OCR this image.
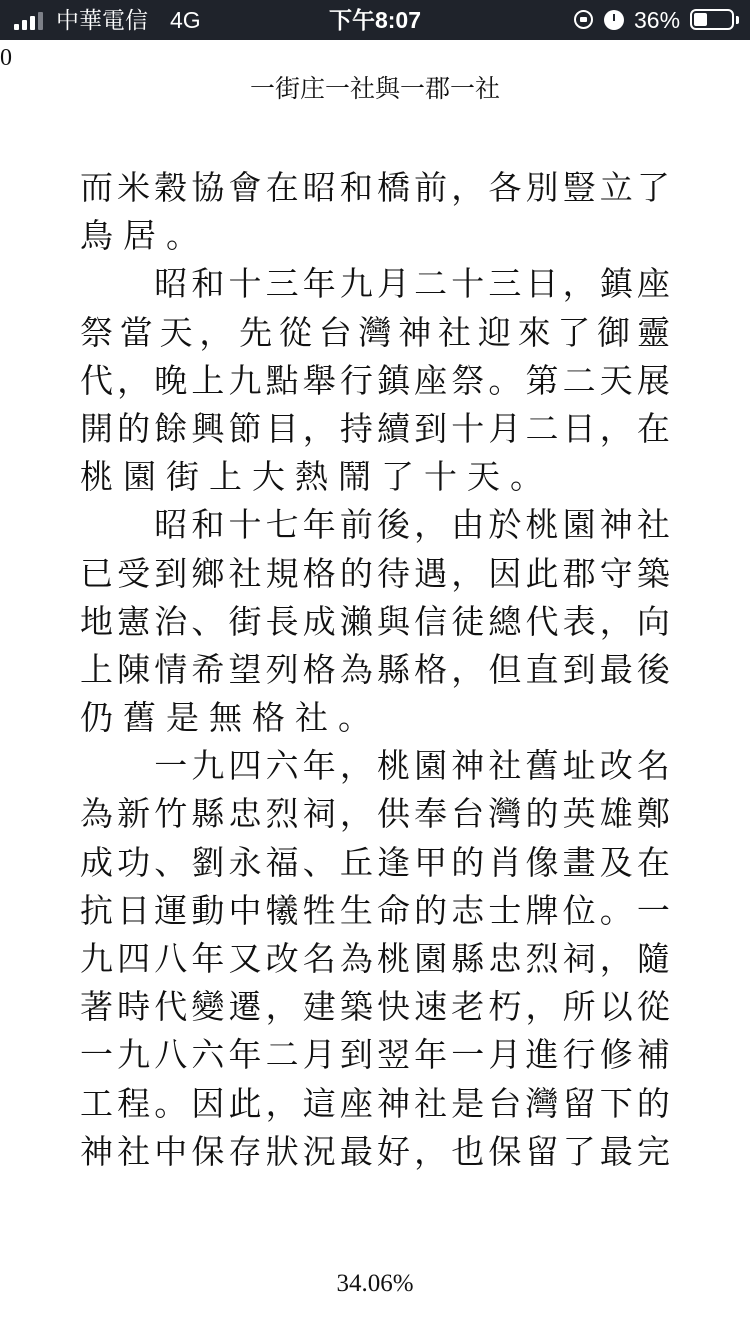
中華電信 4G	下午8:07	36%
0
一街庄一社與一郡一社
而 米 穀 協 會 在 昭 和 橋 前 ， 各 別 豎 立 了
鳥 居 。

昭 和 十 三 年 九 月 二 十 三 日 ， 鎮 座
祭 當 天 ， 先 從 台 灣 神 社 迎 來 了 御 靈
代 ， 晚 上 九 點 舉 行 鎮 座 祭 。 第 二 天 展
開 的 餘 興 節 目 ， 持 續 到 十 月 二 日 ， 在
桃 園 街 上 大 熱 鬧 了 十 天 。

昭 和 十 七 年 前 後 ， 由 於 桃 園 神 社
已 受 到 鄉 社 規 格 的 待 遇 ， 因 此 郡 守 築
地 憲 治 、 街 長 成 瀨 與 信 徒 總 代 表 ， 向
上 陳 情 希 望 列 格 為 縣 格 ， 但 直 到 最 後
仍 舊 是 無 格 社 。

一 九 四 六 年 ， 桃 園 神 社 舊 址 改 名
為 新 竹 縣 忠 烈 祠 ， 供 奉 台 灣 的 英 雄 鄭
成 功 、 劉 永 福 、 丘 逢 甲 的 肖 像 畫 及 在
抗 日 運 動 中 犧 牲 生 命 的 志 士 牌 位 。 一
九 四 八 年 又 改 名 為 桃 園 縣 忠 烈 祠 ， 隨
著 時 代 變 遷 ， 建 築 快 速 老 朽 ， 所 以 從
一 九 八 六 年 二 月 到 翌 年 一 月 進 行 修 補
工 程 。 因 此 ， 這 座 神 社 是 台 灣 留 下 的
神 社 中 保 存 狀 況 最 好 ， 也 保 留 了 最 完
34.06%
